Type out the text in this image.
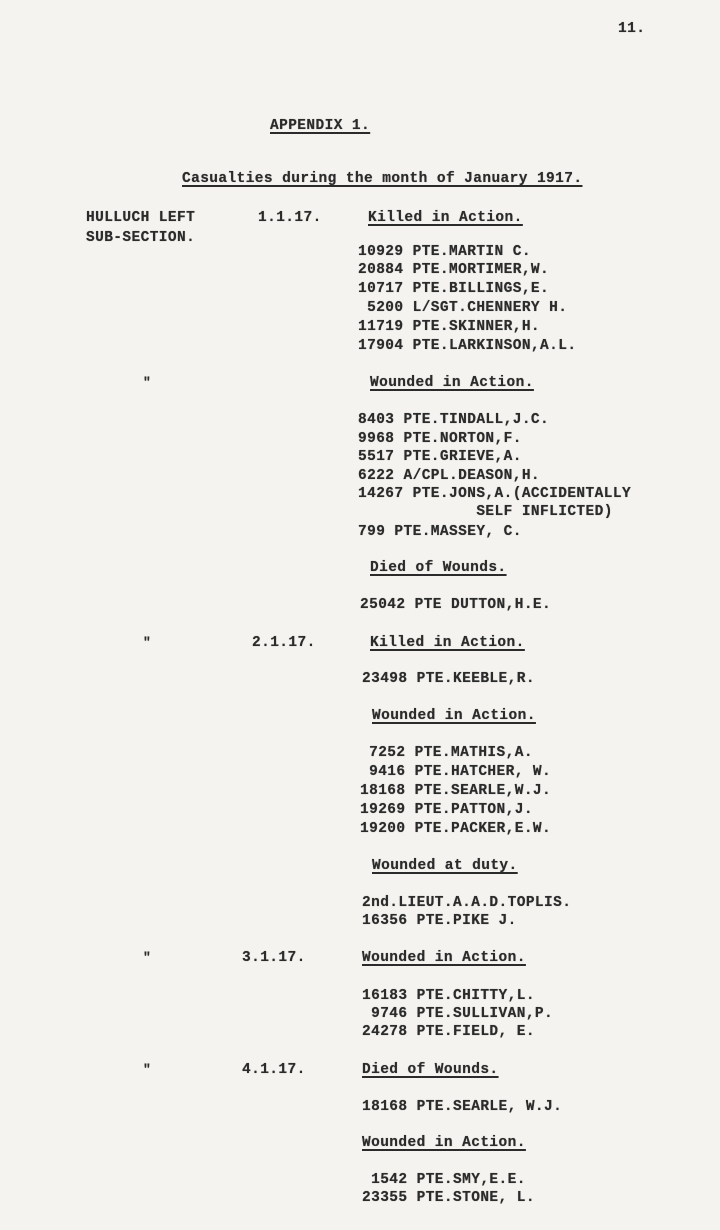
11.
APPENDIX 1.
Casualties during the month of January 1917.
HULLUCH LEFT
SUB-SECTION.
1.1.17.	Killed in Action.
10929 PTE.MARTIN C.
20884 PTE.MORTIMER,W.
10717 PTE.BILLINGS,E.
5200 L/SGT.CHENNERY H.
11719 PTE.SKINNER,H.
17904 PTE.LARKINSON,A.L.
"	Wounded in Action.
8403 PTE.TINDALL,J.C.
9968 PTE.NORTON,F.
5517 PTE.GRIEVE,A.
6222 A/CPL.DEASON,H.
14267 PTE.JONS,A.(ACCIDENTALLY
SELF INFLICTED)
799 PTE.MASSEY, C.
Died of Wounds.
25042 PTE DUTTON,H.E.
"	2.1.17.	Killed in Action.
23498 PTE.KEEBLE,R.
Wounded in Action.
7252 PTE.MATHIS,A.
9416 PTE.HATCHER, W.
18168 PTE.SEARLE,W.J.
19269 PTE.PATTON,J.
19200 PTE.PACKER,E.W.
Wounded at duty.
2nd.LIEUT.A.A.D.TOPLIS.
16356 PTE.PIKE J.
"	3.1.17.	Wounded in Action.
16183 PTE.CHITTY,L.
9746 PTE.SULLIVAN,P.
24278 PTE.FIELD, E.
"	4.1.17.	Died of Wounds.
18168 PTE.SEARLE, W.J.
Wounded in Action.
1542 PTE.SMY,E.E.
23355 PTE.STONE, L.
